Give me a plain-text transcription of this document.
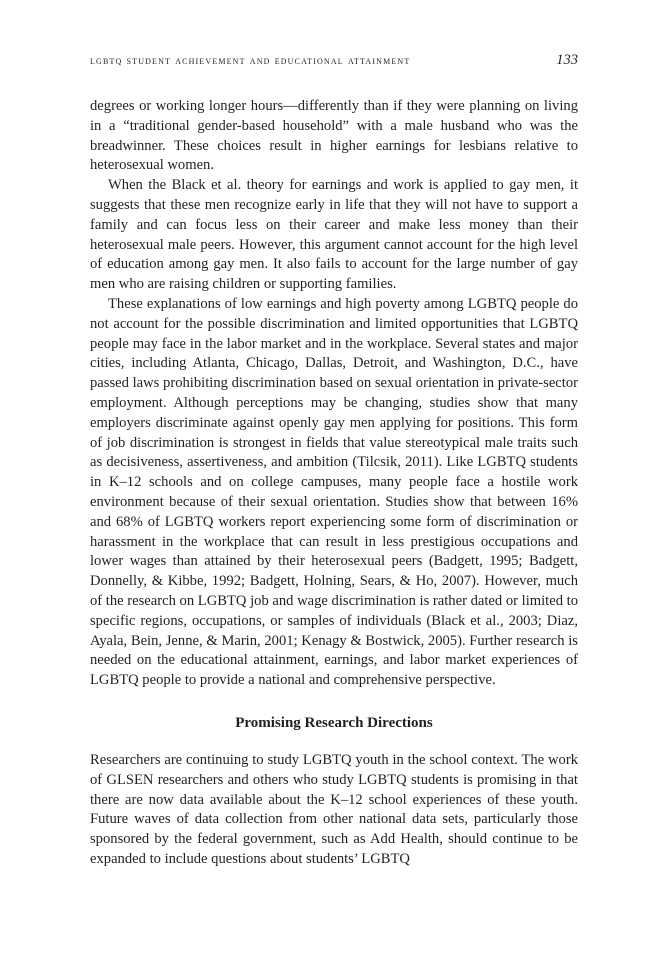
lgbtq student achievement and educational attainment	133

degrees or working longer hours—differently than if they were planning on living in a “traditional gender-based household” with a male husband who was the breadwinner. These choices result in higher earnings for lesbians relative to heterosexual women.

When the Black et al. theory for earnings and work is applied to gay men, it suggests that these men recognize early in life that they will not have to support a family and can focus less on their career and make less money than their heterosexual male peers. However, this argument cannot account for the high level of education among gay men. It also fails to account for the large number of gay men who are raising children or supporting families.

These explanations of low earnings and high poverty among LGBTQ people do not account for the possible discrimination and limited opportunities that LGBTQ people may face in the labor market and in the workplace. Several states and major cities, including Atlanta, Chicago, Dallas, Detroit, and Washington, D.C., have passed laws prohibiting discrimination based on sexual orientation in private-sector employment. Although perceptions may be changing, studies show that many employers discriminate against openly gay men applying for positions. This form of job discrimination is strongest in fields that value stereotypical male traits such as decisiveness, assertiveness, and ambition (Tilcsik, 2011). Like LGBTQ students in K–12 schools and on college campuses, many people face a hostile work environment because of their sexual orientation. Studies show that between 16% and 68% of LGBTQ workers report experiencing some form of discrimination or harassment in the workplace that can result in less prestigious occupations and lower wages than attained by their heterosexual peers (Badgett, 1995; Badgett, Donnelly, & Kibbe, 1992; Badgett, Holning, Sears, & Ho, 2007). However, much of the research on LGBTQ job and wage discrimination is rather dated or limited to specific regions, occupations, or samples of individuals (Black et al., 2003; Diaz, Ayala, Bein, Jenne, & Marin, 2001; Kenagy & Bostwick, 2005). Further research is needed on the educational attainment, earnings, and labor market experiences of LGBTQ people to provide a national and comprehensive perspective.

Promising Research Directions

Researchers are continuing to study LGBTQ youth in the school context. The work of GLSEN researchers and others who study LGBTQ students is promising in that there are now data available about the K–12 school experiences of these youth. Future waves of data collection from other national data sets, particularly those sponsored by the federal government, such as Add Health, should continue to be expanded to include questions about students’ LGBTQ
